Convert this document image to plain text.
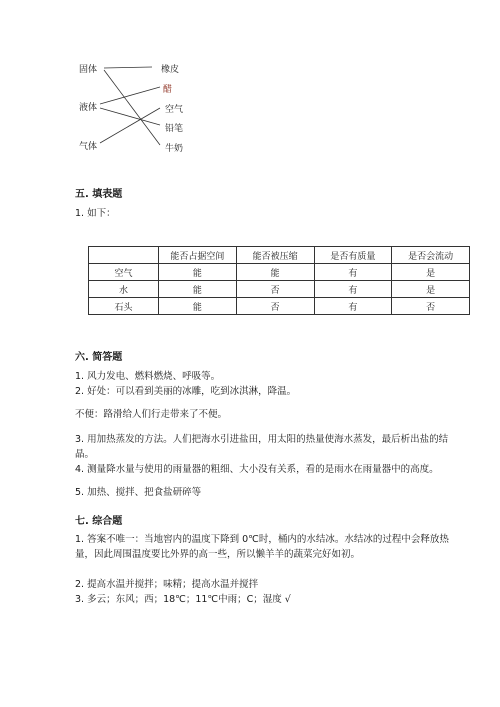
固体
液体
气体
橡皮
醋
空气
铅笔
牛奶
五. 填表题
1. 如下：
	能否占据空间	能否被压缩	是否有质量	是否会流动
空气	能	能	有	是
水	能	否	有	是
石头	能	否	有	否
六. 简答题
1. 风力发电、燃料燃烧、呼吸等。
2. 好处：可以看到美丽的冰雕，吃到冰淇淋，降温。
不便：路滑给人们行走带来了不便。
3. 用加热蒸发的方法。人们把海水引进盐田，用太阳的热量使海水蒸发，最后析出盐的结晶。
4. 测量降水量与使用的雨量器的粗细、大小没有关系，看的是雨水在雨量器中的高度。
5. 加热、搅拌、把食盐研碎等
七. 综合题
1. 答案不唯一：当地窖内的温度下降到 0℃时，桶内的水结冰。水结冰的过程中会释放热量，因此周围温度要比外界的高一些，所以懒羊羊的蔬菜完好如初。
2. 提高水温并搅拌；味精；提高水温并搅拌
3. 多云；东风；西；18℃；11℃中雨；C；湿度 √
